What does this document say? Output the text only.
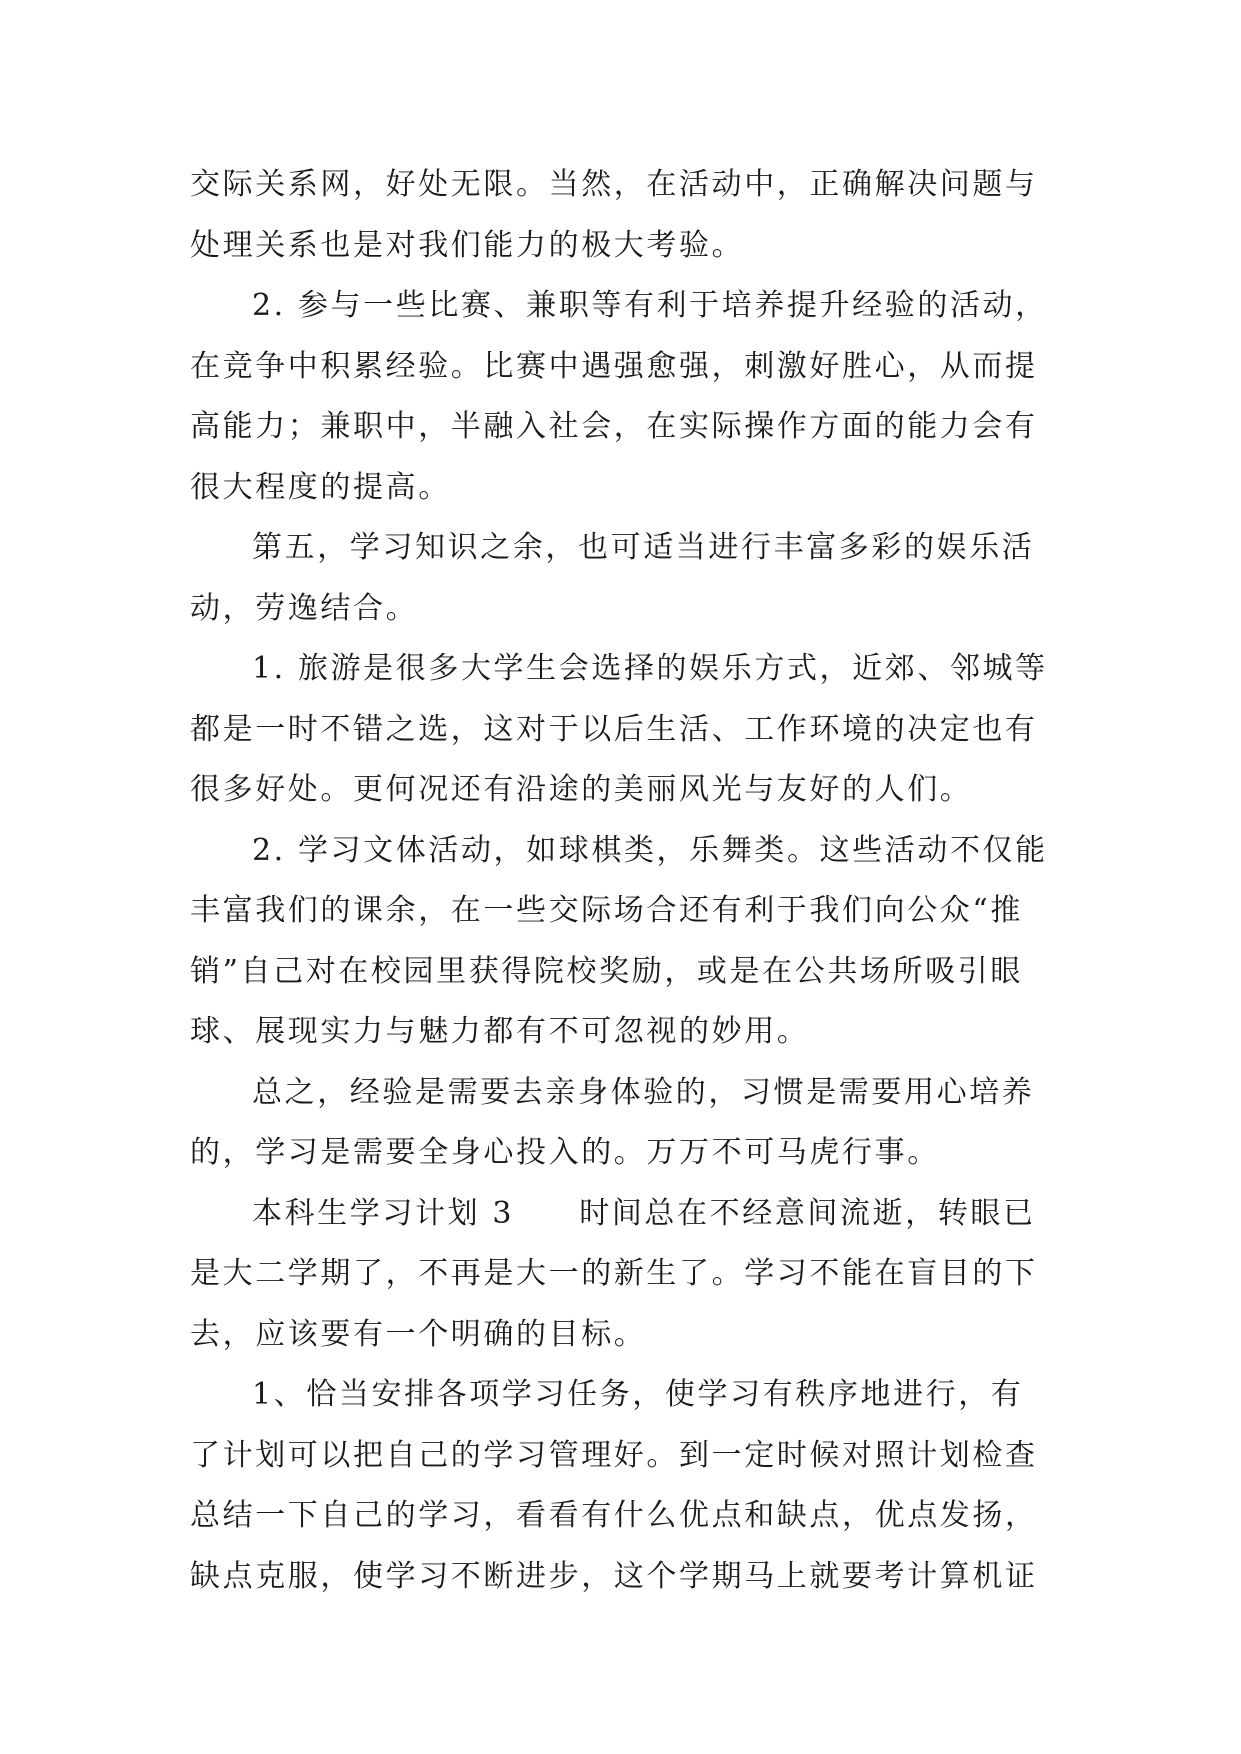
交际关系网，好处无限。当然，在活动中，正确解决问题与
处理关系也是对我们能力的极大考验。
2. 参与一些比赛、兼职等有利于培养提升经验的活动，
在竞争中积累经验。比赛中遇强愈强，刺激好胜心，从而提
高能力；兼职中，半融入社会，在实际操作方面的能力会有
很大程度的提高。
第五，学习知识之余，也可适当进行丰富多彩的娱乐活
动，劳逸结合。
1. 旅游是很多大学生会选择的娱乐方式，近郊、邻城等
都是一时不错之选，这对于以后生活、工作环境的决定也有
很多好处。更何况还有沿途的美丽风光与友好的人们。
2. 学习文体活动，如球棋类，乐舞类。这些活动不仅能
丰富我们的课余，在一些交际场合还有利于我们向公众“推
销”自己对在校园里获得院校奖励，或是在公共场所吸引眼
球、展现实力与魅力都有不可忽视的妙用。
总之，经验是需要去亲身体验的，习惯是需要用心培养
的，学习是需要全身心投入的。万万不可马虎行事。
本科生学习计划 3　　时间总在不经意间流逝，转眼已
是大二学期了，不再是大一的新生了。学习不能在盲目的下
去，应该要有一个明确的目标。
1、恰当安排各项学习任务，使学习有秩序地进行，有
了计划可以把自己的学习管理好。到一定时候对照计划检查
总结一下自己的学习，看看有什么优点和缺点，优点发扬，
缺点克服，使学习不断进步，这个学期马上就要考计算机证
